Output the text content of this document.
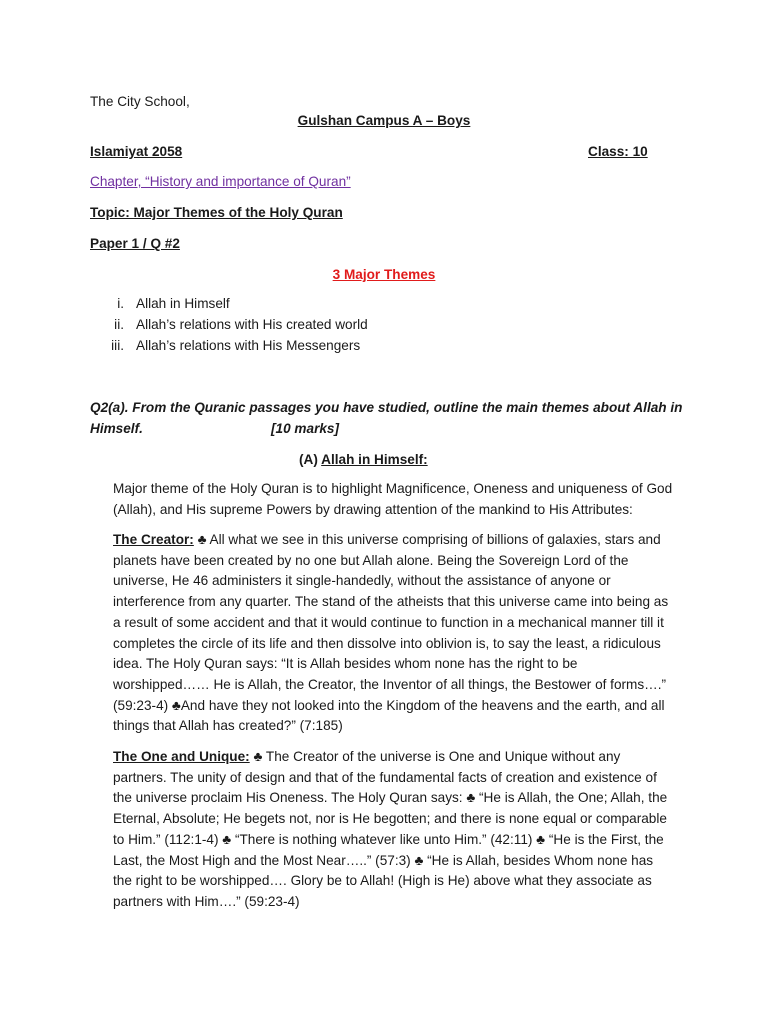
The City School,
Gulshan Campus A – Boys
Islamiyat 2058	Class: 10
Chapter, “History and importance of Quran”
Topic: Major Themes of the Holy Quran
Paper 1 / Q #2
3 Major Themes
i. Allah in Himself
ii. Allah’s relations with His created world
iii. Allah’s relations with His Messengers
Q2(a). From the Quranic passages you have studied, outline the main themes about Allah in
Himself.	[10 marks]
(A) Allah in Himself:

Major theme of the Holy Quran is to highlight Magnificence, Oneness and uniqueness of God (Allah), and His supreme Powers by drawing attention of the mankind to His Attributes:

The Creator: ♣ All what we see in this universe comprising of billions of galaxies, stars and planets have been created by no one but Allah alone. Being the Sovereign Lord of the universe, He 46 administers it single-handedly, without the assistance of anyone or interference from any quarter. The stand of the atheists that this universe came into being as a result of some accident and that it would continue to function in a mechanical manner till it completes the circle of its life and then dissolve into oblivion is, to say the least, a ridiculous idea. The Holy Quran says: “It is Allah besides whom none has the right to be worshipped…… He is Allah, the Creator, the Inventor of all things, the Bestower of forms….” (59:23-4) ♣And have they not looked into the Kingdom of the heavens and the earth, and all things that Allah has created?” (7:185)

The One and Unique: ♣ The Creator of the universe is One and Unique without any partners. The unity of design and that of the fundamental facts of creation and existence of the universe proclaim His Oneness. The Holy Quran says: ♣ “He is Allah, the One; Allah, the Eternal, Absolute; He begets not, nor is He begotten; and there is none equal or comparable to Him.” (112:1-4) ♣ “There is nothing whatever like unto Him.” (42:11) ♣ “He is the First, the Last, the Most High and the Most Near…..” (57:3) ♣ “He is Allah, besides Whom none has the right to be worshipped…. Glory be to Allah! (High is He) above what they associate as partners with Him….” (59:23-4)
